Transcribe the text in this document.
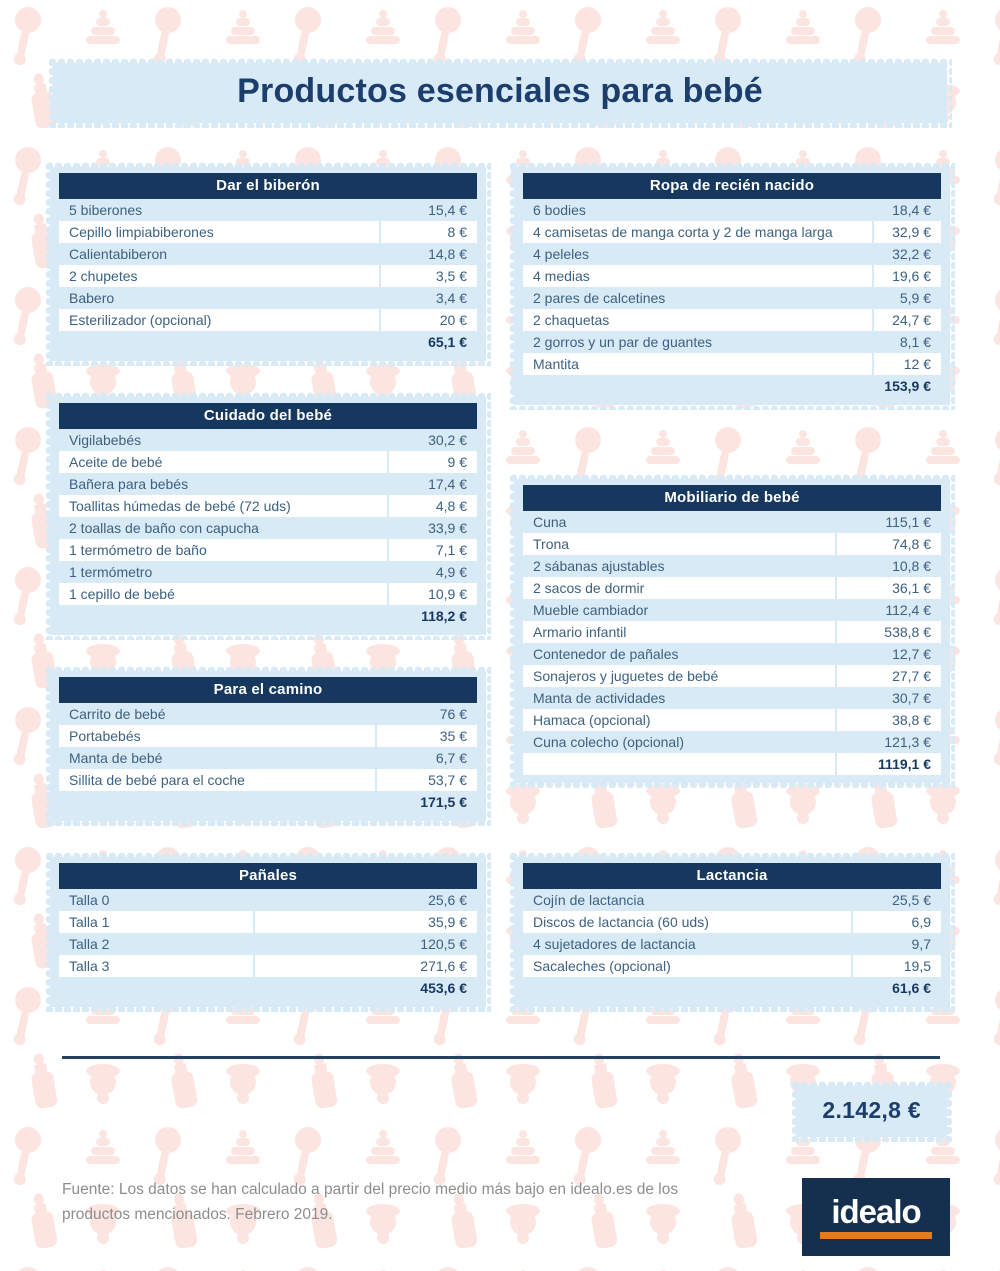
Productos esenciales para bebé
Dar el biberón
5 biberones	15,4 €
Cepillo limpiabiberones	8 €
Calientabiberon	14,8 €
2 chupetes	3,5 €
Babero	3,4 €
Esterilizador (opcional)	20 €
65,1 €
Cuidado del bebé
Vigilabebés	30,2 €
Aceite de bebé	9 €
Bañera para bebés	17,4 €
Toallitas húmedas de bebé (72 uds)	4,8 €
2 toallas de baño con capucha	33,9 €
1 termómetro de baño	7,1 €
1 termómetro	4,9 €
1 cepillo de bebé	10,9 €
118,2 €
Para el camino
Carrito de bebé	76 €
Portabebés	35 €
Manta de bebé	6,7 €
Sillita de bebé para el coche	53,7 €
171,5 €
Pañales
Talla 0	25,6 €
Talla 1	35,9 €
Talla 2	120,5 €
Talla 3	271,6 €
453,6 €
Ropa de recién nacido
6 bodies	18,4 €
4 camisetas de manga corta y 2 de manga larga	32,9 €
4 peleles	32,2 €
4 medias	19,6 €
2 pares de calcetines	5,9 €
2 chaquetas	24,7 €
2 gorros y un par de guantes	8,1 €
Mantita	12 €
153,9 €
Mobiliario de bebé
Cuna	115,1 €
Trona	74,8 €
2 sábanas ajustables	10,8 €
2 sacos de dormir	36,1 €
Mueble cambiador	112,4 €
Armario infantil	538,8 €
Contenedor de pañales	12,7 €
Sonajeros y juguetes de bebé	27,7 €
Manta de actividades	30,7 €
Hamaca (opcional)	38,8 €
Cuna colecho (opcional)	121,3 €
1119,1 €
Lactancia
Cojín de lactancia	25,5 €
Discos de lactancia (60 uds)	6,9
4 sujetadores de lactancia	9,7
Sacaleches (opcional)	19,5
61,6 €
2.142,8 €

Fuente: Los datos se han calculado a partir del precio medio más bajo en idealo.es de los productos mencionados. Febrero 2019.	idealo
